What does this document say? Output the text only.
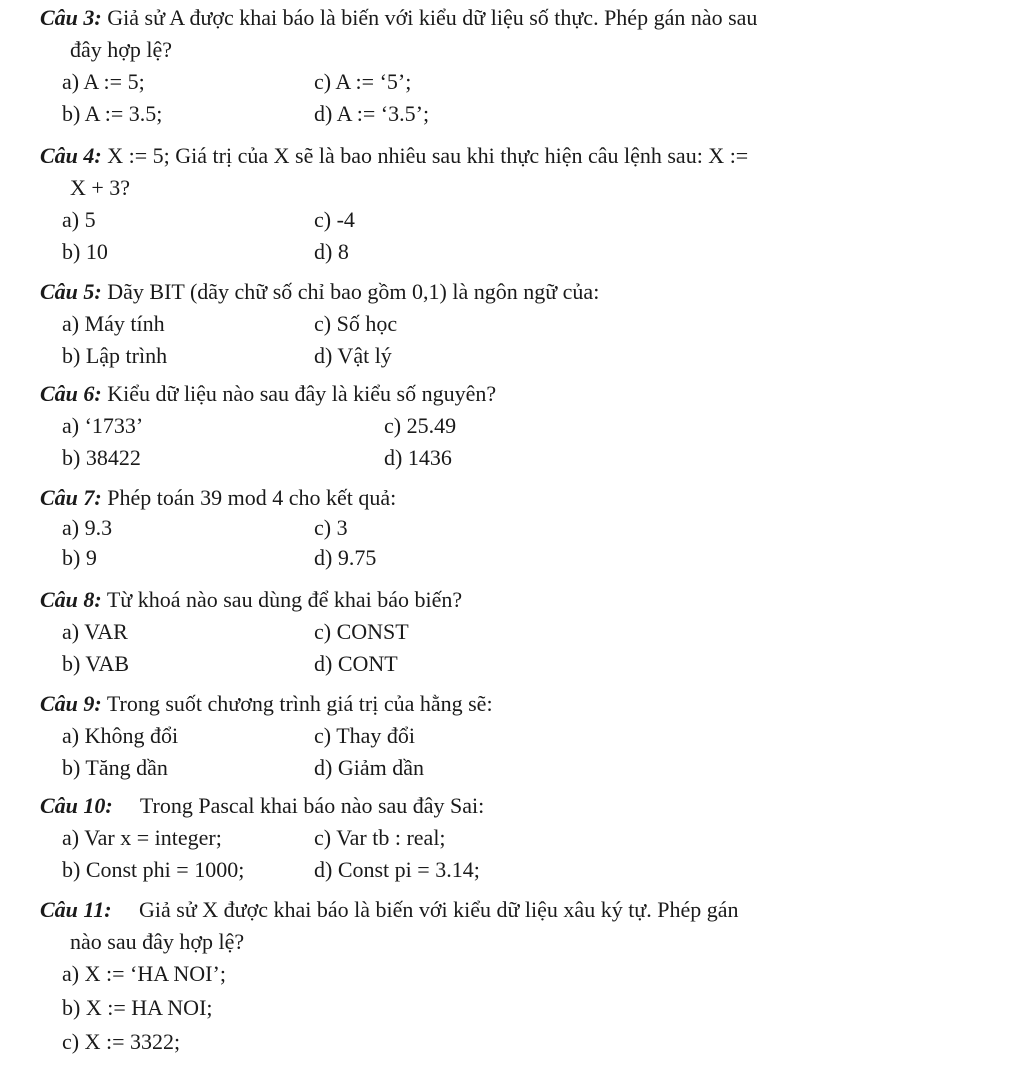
Câu 3: Giả sử A được khai báo là biến với kiểu dữ liệu số thực. Phép gán nào sau
đây hợp lệ?
a) A := 5;	c) A := ‘5’;
b) A := 3.5;	d) A := ‘3.5’;
Câu 4: X := 5; Giá trị của X sẽ là bao nhiêu sau khi thực hiện câu lệnh sau: X :=
X + 3?
a) 5	c) -4
b) 10	d) 8
Câu 5: Dãy BIT (dãy chữ số chỉ bao gồm 0,1) là ngôn ngữ của:
a) Máy tính	c) Số học
b) Lập trình	d) Vật lý
Câu 6: Kiểu dữ liệu nào sau đây là kiểu số nguyên?
a) ‘1733’	c) 25.49
b) 38422	d) 1436
Câu 7: Phép toán 39 mod 4 cho kết quả:
a) 9.3	c) 3
b) 9	d) 9.75
Câu 8: Từ khoá nào sau dùng để khai báo biến?
a) VAR	c) CONST
b) VAB	d) CONT
Câu 9: Trong suốt chương trình giá trị của hằng sẽ:
a) Không đổi	c) Thay đổi
b) Tăng dần	d) Giảm dần
Câu 10:     Trong Pascal khai báo nào sau đây Sai:
a) Var x = integer;	c) Var tb : real;
b) Const phi = 1000;	d) Const pi = 3.14;
Câu 11:     Giả sử X được khai báo là biến với kiểu dữ liệu xâu ký tự. Phép gán
nào sau đây hợp lệ?
a) X := ‘HA NOI’;
b) X := HA NOI;
c) X := 3322;
